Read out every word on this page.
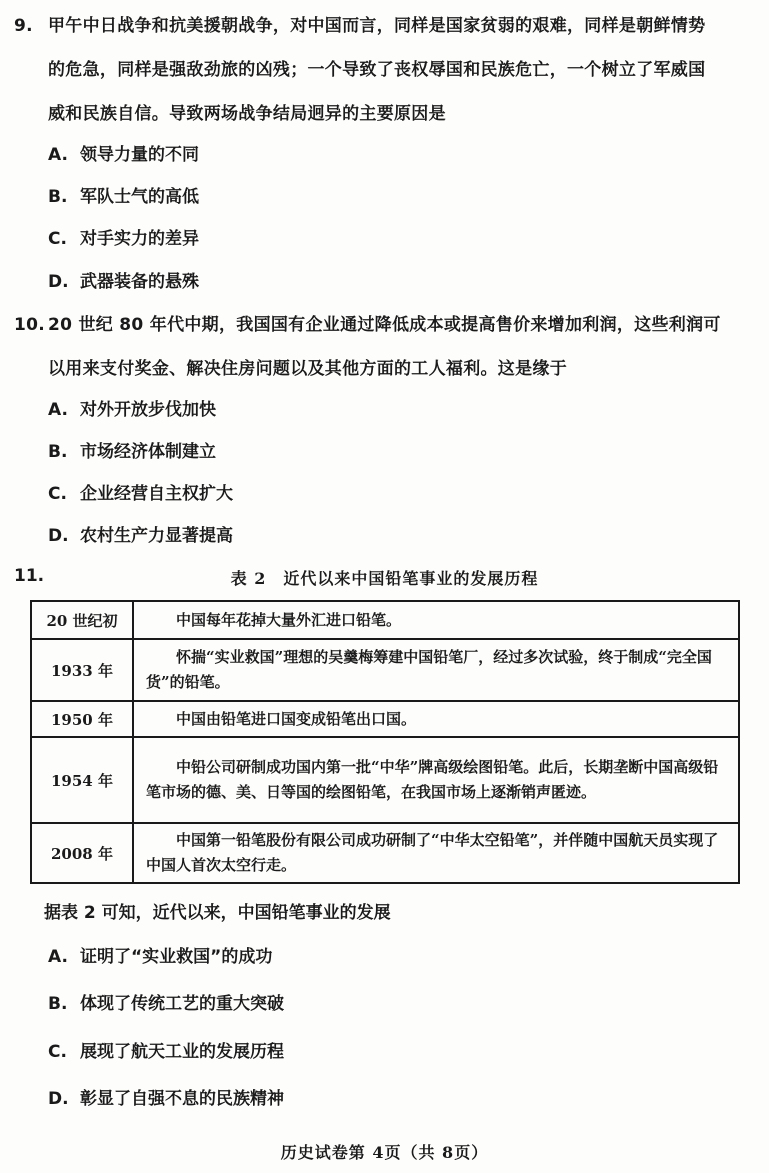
9. 甲午中日战争和抗美援朝战争，对中国而言，同样是国家贫弱的艰难，同样是朝鲜情势
的危急，同样是强敌劲旅的凶残；一个导致了丧权辱国和民族危亡，一个树立了军威国
威和民族自信。导致两场战争结局迥异的主要原因是
A. 领导力量的不同
B. 军队士气的高低
C. 对手实力的差异
D. 武器装备的悬殊
10. 20 世纪 80 年代中期，我国国有企业通过降低成本或提高售价来增加利润，这些利润可
以用来支付奖金、解决住房问题以及其他方面的工人福利。这是缘于
A. 对外开放步伐加快
B. 市场经济体制建立
C. 企业经营自主权扩大
D. 农村生产力显著提高
11.	表 2　近代以来中国铅笔事业的发展历程
20 世纪初	中国每年花掉大量外汇进口铅笔。
1933 年	怀揣“实业救国”理想的吴羹梅筹建中国铅笔厂，经过多次试验，终于制成“完全国货”的铅笔。
1950 年	中国由铅笔进口国变成铅笔出口国。
1954 年	中铅公司研制成功国内第一批“中华”牌高级绘图铅笔。此后，长期垄断中国高级铅笔市场的德、美、日等国的绘图铅笔，在我国市场上逐渐销声匿迹。
2008 年	中国第一铅笔股份有限公司成功研制了“中华太空铅笔”，并伴随中国航天员实现了中国人首次太空行走。
据表 2 可知，近代以来，中国铅笔事业的发展
A. 证明了“实业救国”的成功
B. 体现了传统工艺的重大突破
C. 展现了航天工业的发展历程
D. 彰显了自强不息的民族精神
历史试卷第 4页（共 8页）
